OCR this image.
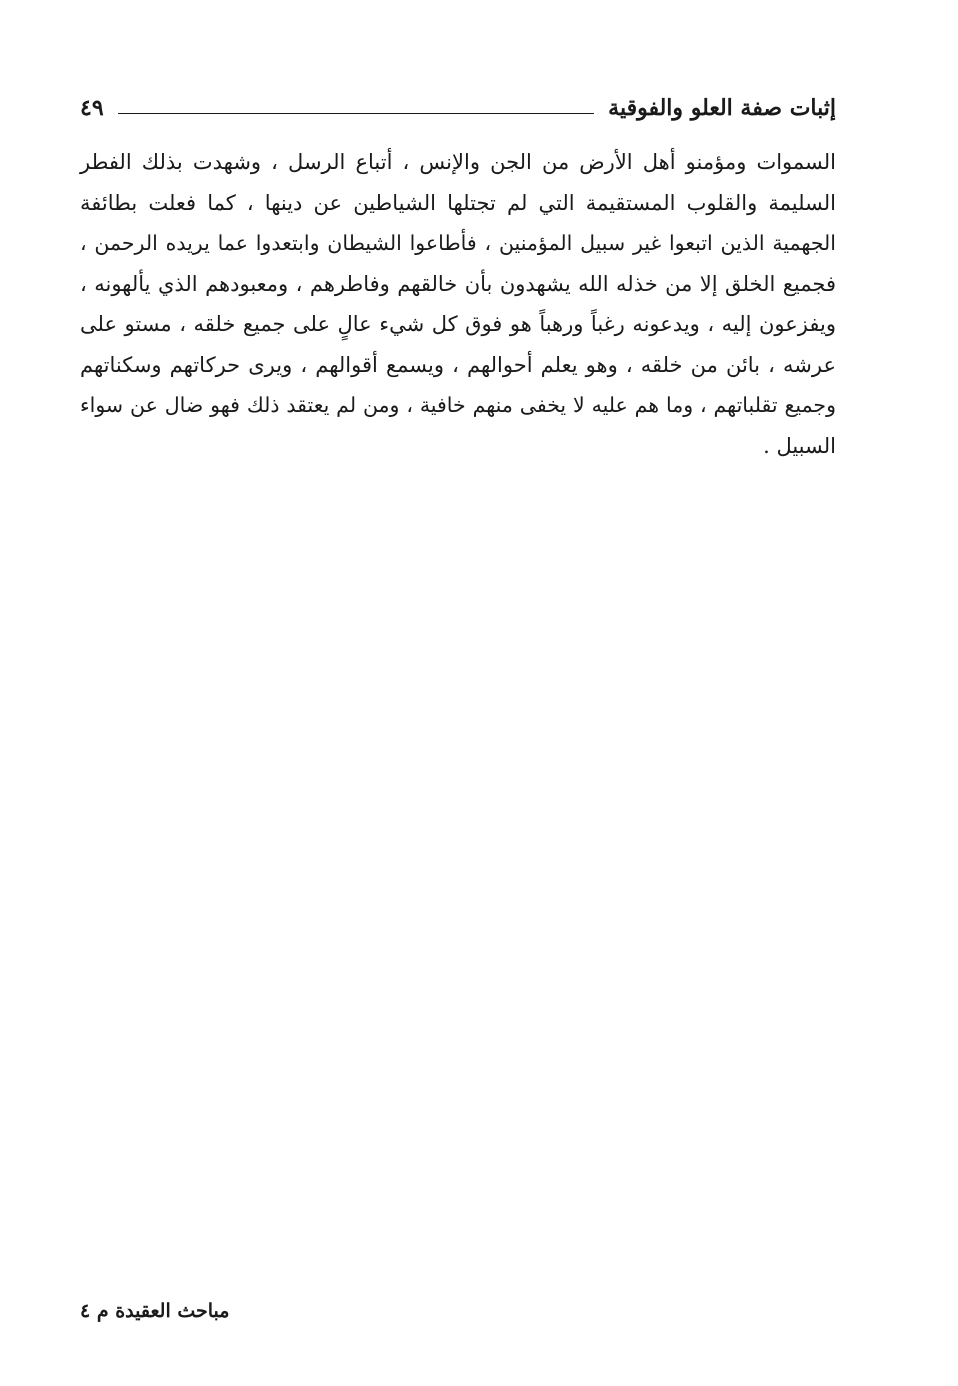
إثبات صفة العلو والفوقية
٤٩
السموات ومؤمنو أهل الأرض من الجن والإنس ، أتباع الرسل ، وشهدت بذلك الفطر
السليمة والقلوب المستقيمة التي لم تجتلها الشياطين عن دينها ، كما فعلت بطائفة
الجهمية الذين اتبعوا غير سبيل المؤمنين ، فأطاعوا الشيطان وابتعدوا عما يريده الرحمن ،
فجميع الخلق إلا من خذله الله يشهدون بأن خالقهم وفاطرهم ، ومعبودهم الذي يألهونه ،
ويفزعون إليه ، ويدعونه رغباً ورهباً هو فوق كل شيء عالٍ على جميع خلقه ، مستو على
عرشه ، بائن من خلقه ، وهو يعلم أحوالهم ، ويسمع أقوالهم ، ويرى حركاتهم وسكناتهم
وجميع تقلباتهم ، وما هم عليه لا يخفى منهم خافية ، ومن لم يعتقد ذلك فهو ضال عن سواء
السبيل .
مباحث العقيدة م ٤
